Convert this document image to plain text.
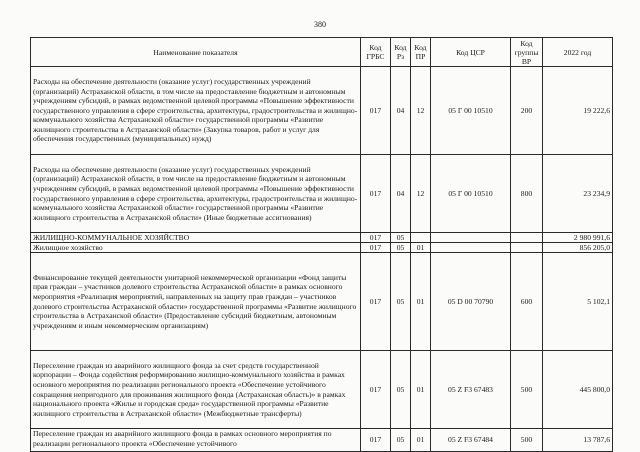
380
Наименование показателя	Код ГРБС	Код Рз	Код ПР	Код ЦСР	Код группы ВР	2022 год
Расходы на обеспечение деятельности (оказание услуг) государственных учреждений (организаций) Астраханской области, в том числе на предоставление бюджетным и автономным учреждениям субсидий, в рамках ведомственной целевой программы «Повышение эффективности государственного управления в сфере строительства, архитектуры, градостроительства и жилищно-коммунального хозяйства Астраханской области» государственной программы «Развитие жилищного строительства в Астраханской области» (Закупка товаров, работ и услуг для обеспечения государственных (муниципальных) нужд)	017	04	12	05 Г 00 10510	200	19 222,6
Расходы на обеспечение деятельности (оказание услуг) государственных учреждений (организаций) Астраханской области, в том числе на предоставление бюджетным и автономным учреждениям субсидий, в рамках ведомственной целевой программы «Повышение эффективности государственного управления в сфере строительства, архитектуры, градостроительства и жилищно-коммунального хозяйства Астраханской области» государственной программы «Развитие жилищного строительства в Астраханской области» (Иные бюджетные ассигнования)	017	04	12	05 Г 00 10510	800	23 234,9
ЖИЛИЩНО-КОММУНАЛЬНОЕ ХОЗЯЙСТВО	017	05				2 980 991,6
Жилищное хозяйство	017	05	01			856 205,0
Финансирование текущей деятельности унитарной некоммерческой организации «Фонд защиты прав граждан – участников долевого строительства Астраханской области» в рамках основного мероприятия «Реализация мероприятий, направленных на защиту прав граждан – участников долевого строительства Астраханской области» государственной программы «Развитие жилищного строительства в Астраханской области» (Предоставление субсидий бюджетным, автономным учреждениям и иным некоммерческим организациям)	017	05	01	05 D 00 70790	600	5 102,1
Переселение граждан из аварийного жилищного фонда за счет средств государственной корпорации – Фонда содействия реформированию жилищно-коммунального хозяйства в рамках основного мероприятия по реализации регионального проекта «Обеспечение устойчивого сокращения непригодного для проживания жилищного фонда (Астраханская область)» в рамках национального проекта «Жилье и городская среда» государственной программы «Развитие жилищного строительства в Астраханской области» (Межбюджетные трансферты)	017	05	01	05 Z F3 67483	500	445 800,0
Переселение граждан из аварийного жилищного фонда в рамках основного мероприятия по реализации регионального проекта «Обеспечение устойчивого	017	05	01	05 Z F3 67484	500	13 787,6
